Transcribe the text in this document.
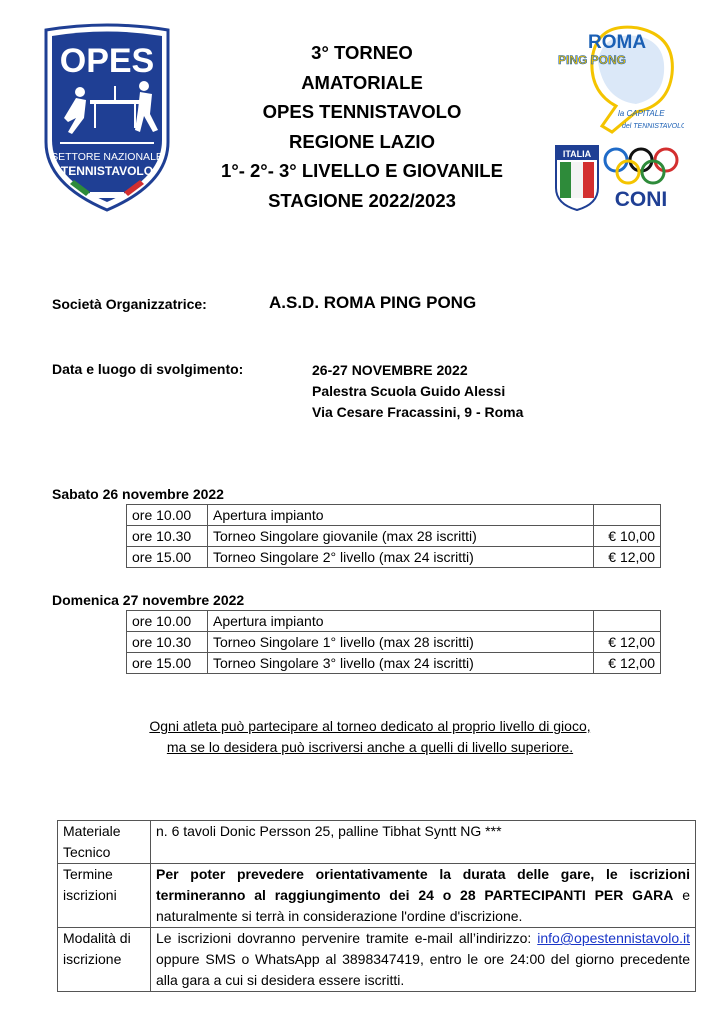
OPES
SETTORE NAZIONALE
TENNISTAVOLO
3° TORNEO
AMATORIALE
OPES TENNISTAVOLO
REGIONE LAZIO
1°- 2°- 3° LIVELLO E GIOVANILE
STAGIONE 2022/2023
ROMA
PING PONG
la CAPITALE
del TENNISTAVOLO
ITALIA
CONI
Società Organizzatrice:	A.S.D. ROMA PING PONG
Data e luogo di svolgimento:	26-27 NOVEMBRE 2022
Palestra Scuola Guido Alessi
Via Cesare Fracassini, 9 - Roma
Sabato 26 novembre 2022
ore 10.00	Apertura impianto	
ore 10.30	Torneo Singolare giovanile (max 28 iscritti)	€ 10,00
ore 15.00	Torneo Singolare 2° livello (max 24 iscritti)	€ 12,00
Domenica 27 novembre 2022
ore 10.00	Apertura impianto	
ore 10.30	Torneo Singolare 1° livello (max 28 iscritti)	€ 12,00
ore 15.00	Torneo Singolare 3° livello (max 24 iscritti)	€ 12,00
Ogni atleta può partecipare al torneo dedicato al proprio livello di gioco,
ma se lo desidera può iscriversi anche a quelli di livello superiore.
Materiale Tecnico	n. 6 tavoli Donic Persson 25, palline Tibhat Syntt NG ***
Termine iscrizioni	Per poter prevedere orientativamente la durata delle gare, le iscrizioni termineranno al raggiungimento dei 24 o 28 PARTECIPANTI PER GARA e naturalmente si terrà in considerazione l'ordine d'iscrizione.
Modalità di iscrizione	Le iscrizioni dovranno pervenire tramite e-mail all’indirizzo: info@opestennistavolo.it oppure SMS o WhatsApp al 3898347419, entro le ore 24:00 del giorno precedente alla gara a cui si desidera essere iscritti.
